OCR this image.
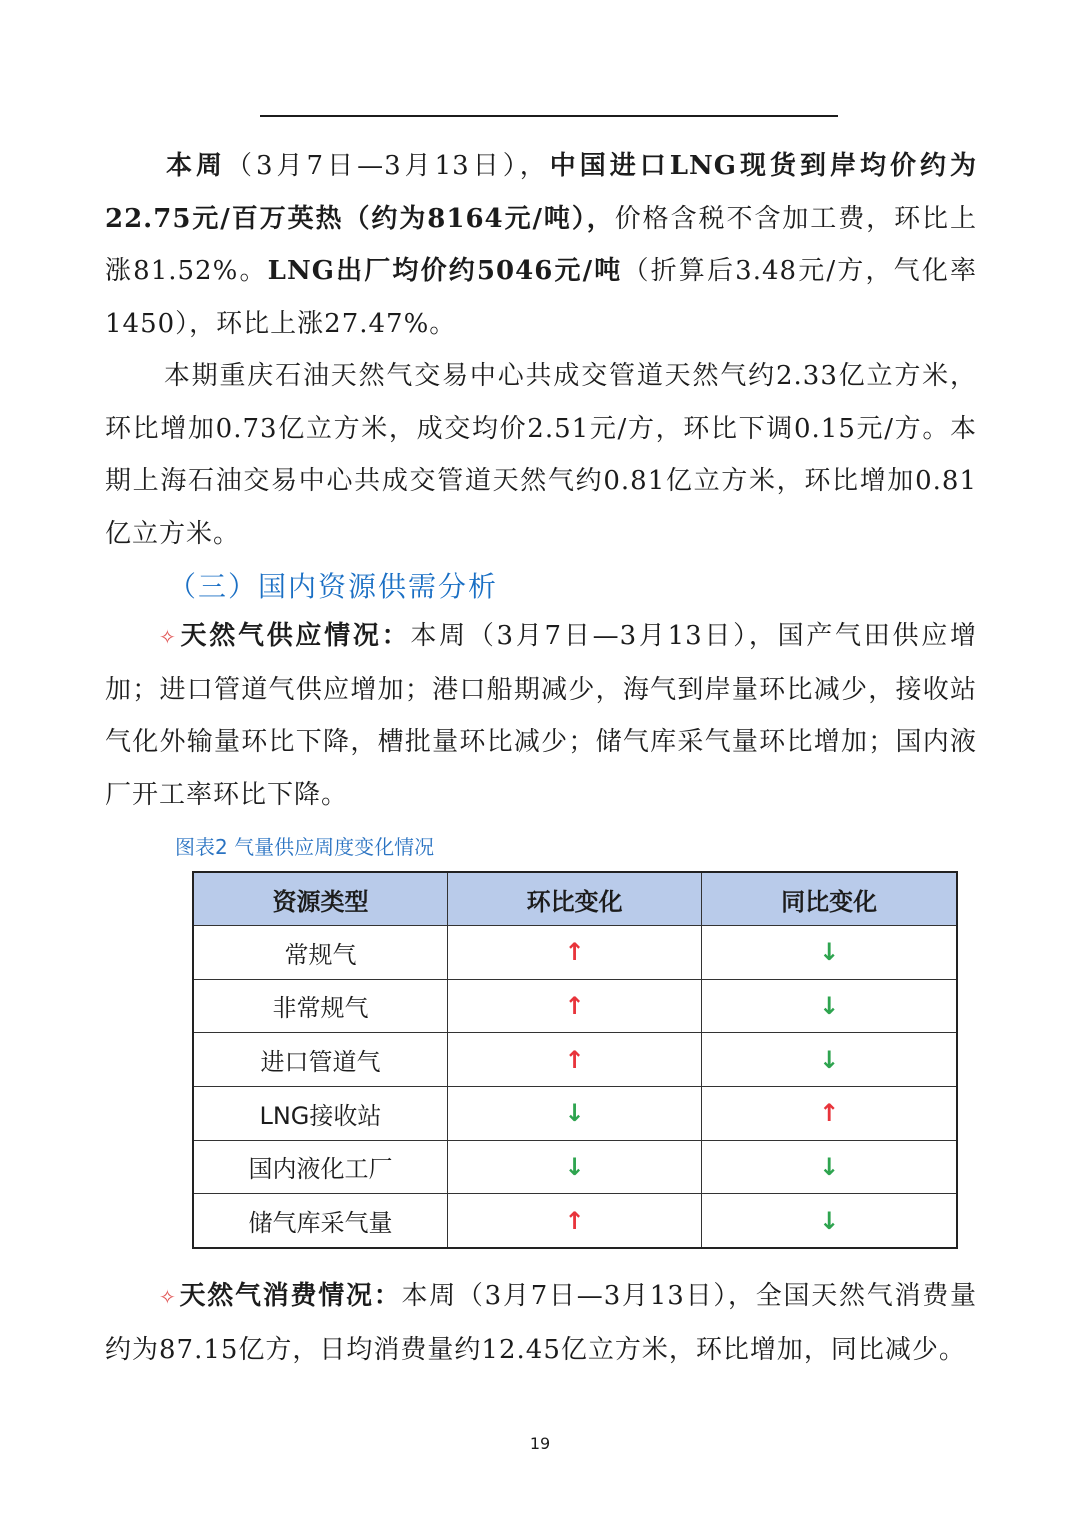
本周（3月7日—3月13日），中国进口LNG现货到岸均价约为22.75元/百万英热（约为8164元/吨），价格含税不含加工费，环比上涨81.52%。LNG出厂均价约5046元/吨（折算后3.48元/方，气化率1450），环比上涨27.47%。

本期重庆石油天然气交易中心共成交管道天然气约2.33亿立方米，环比增加0.73亿立方米，成交均价2.51元/方，环比下调0.15元/方。本期上海石油交易中心共成交管道天然气约0.81亿立方米，环比增加0.81亿立方米。

（三）国内资源供需分析

✧天然气供应情况：本周（3月7日—3月13日），国产气田供应增加；进口管道气供应增加；港口船期减少，海气到岸量环比减少，接收站气化外输量环比下降，槽批量环比减少；储气库采气量环比增加；国内液厂开工率环比下降。

图表2 气量供应周度变化情况
资源类型	环比变化	同比变化
常规气	↑	↓
非常规气	↑	↓
进口管道气	↑	↓
LNG接收站	↓	↑
国内液化工厂	↓	↓
储气库采气量	↑	↓

✧天然气消费情况：本周（3月7日—3月13日），全国天然气消费量约为87.15亿方，日均消费量约12.45亿立方米，环比增加，同比减少。

19
